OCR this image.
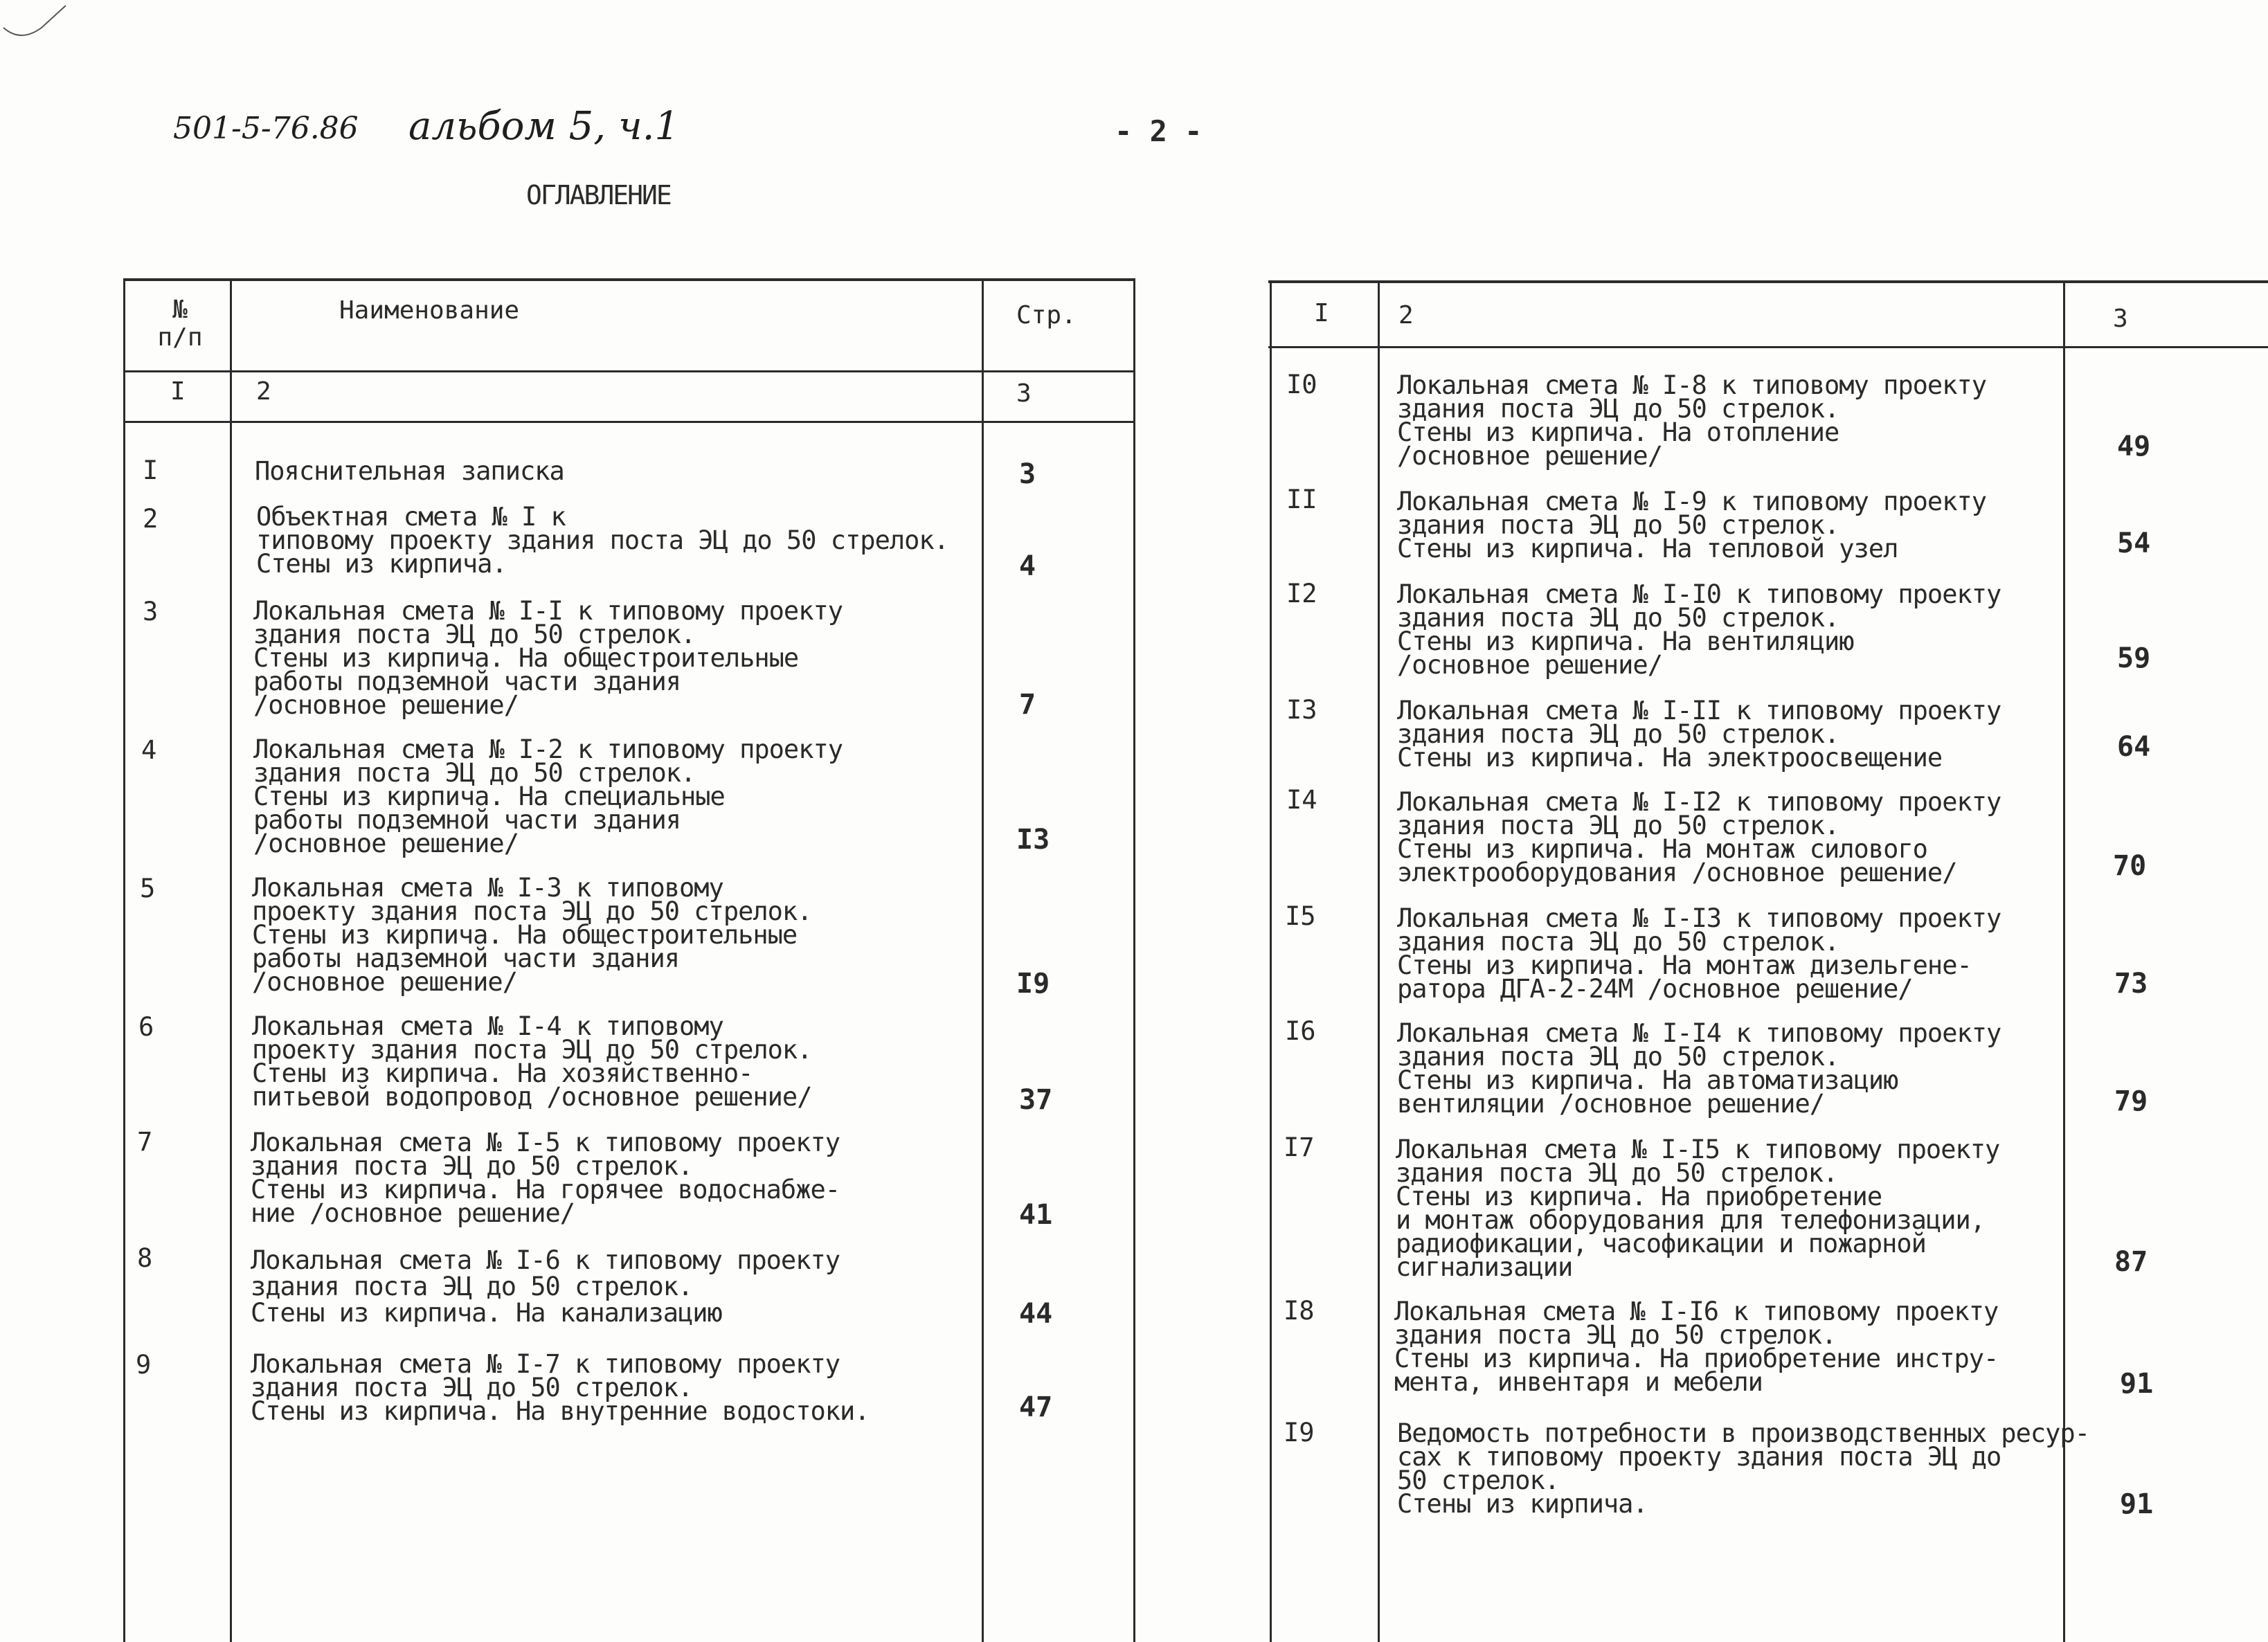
501-5-76.86 альбом 5, ч.1	- 2 -
ОГЛАВЛЕНИЕ
№
п/п
Наименование	Стр.
I	2	3
I	Пояснительная записка	3
2	Объектная смета № I к
типовому проекту здания поста ЭЦ до 50 стрелок.
Стены из кирпича.	4
3	Локальная смета № I-I к типовому проекту
здания поста ЭЦ до 50 стрелок.
Стены из кирпича. На общестроительные
работы подземной части здания
/основное решение/	7
4	Локальная смета № I-2 к типовому проекту
здания поста ЭЦ до 50 стрелок.
Стены из кирпича. На специальные
работы подземной части здания
/основное решение/	I3
5	Локальная смета № I-3 к типовому
проекту здания поста ЭЦ до 50 стрелок.
Стены из кирпича. На общестроительные
работы надземной части здания
/основное решение/	I9
6	Локальная смета № I-4 к типовому
проекту здания поста ЭЦ до 50 стрелок.
Стены из кирпича. На хозяйственно-
питьевой водопровод /основное решение/	37
7	Локальная смета № I-5 к типовому проекту
здания поста ЭЦ до 50 стрелок.
Стены из кирпича. На горячее водоснабже-
ние /основное решение/	41
8	Локальная смета № I-6 к типовому проекту
здания поста ЭЦ до 50 стрелок.
Стены из кирпича. На канализацию	44
9	Локальная смета № I-7 к типовому проекту
здания поста ЭЦ до 50 стрелок.
Стены из кирпича. На внутренние водостоки.	47
I	2	3
I0	Локальная смета № I-8 к типовому проекту
здания поста ЭЦ до 50 стрелок.
Стены из кирпича. На отопление
/основное решение/	49
II	Локальная смета № I-9 к типовому проекту
здания поста ЭЦ до 50 стрелок.
Стены из кирпича. На тепловой узел	54
I2	Локальная смета № I-I0 к типовому проекту
здания поста ЭЦ до 50 стрелок.
Стены из кирпича. На вентиляцию
/основное решение/	59
I3	Локальная смета № I-II к типовому проекту
здания поста ЭЦ до 50 стрелок.
Стены из кирпича. На электроосвещение	64
I4	Локальная смета № I-I2 к типовому проекту
здания поста ЭЦ до 50 стрелок.
Стены из кирпича. На монтаж силового
электрооборудования /основное решение/	70
I5	Локальная смета № I-I3 к типовому проекту
здания поста ЭЦ до 50 стрелок.
Стены из кирпича. На монтаж дизельгене-
ратора ДГА-2-24М /основное решение/	73
I6	Локальная смета № I-I4 к типовому проекту
здания поста ЭЦ до 50 стрелок.
Стены из кирпича. На автоматизацию
вентиляции /основное решение/	79
I7	Локальная смета № I-I5 к типовому проекту
здания поста ЭЦ до 50 стрелок.
Стены из кирпича. На приобретение
и монтаж оборудования для телефонизации,
радиофикации, часофикации и пожарной
сигнализации	87
I8	Локальная смета № I-I6 к типовому проекту
здания поста ЭЦ до 50 стрелок.
Стены из кирпича. На приобретение инстру-
мента, инвентаря и мебели	91
I9	Ведомость потребности в производственных ресур-
сах к типовому проекту здания поста ЭЦ до
50 стрелок.
Стены из кирпича.	91
